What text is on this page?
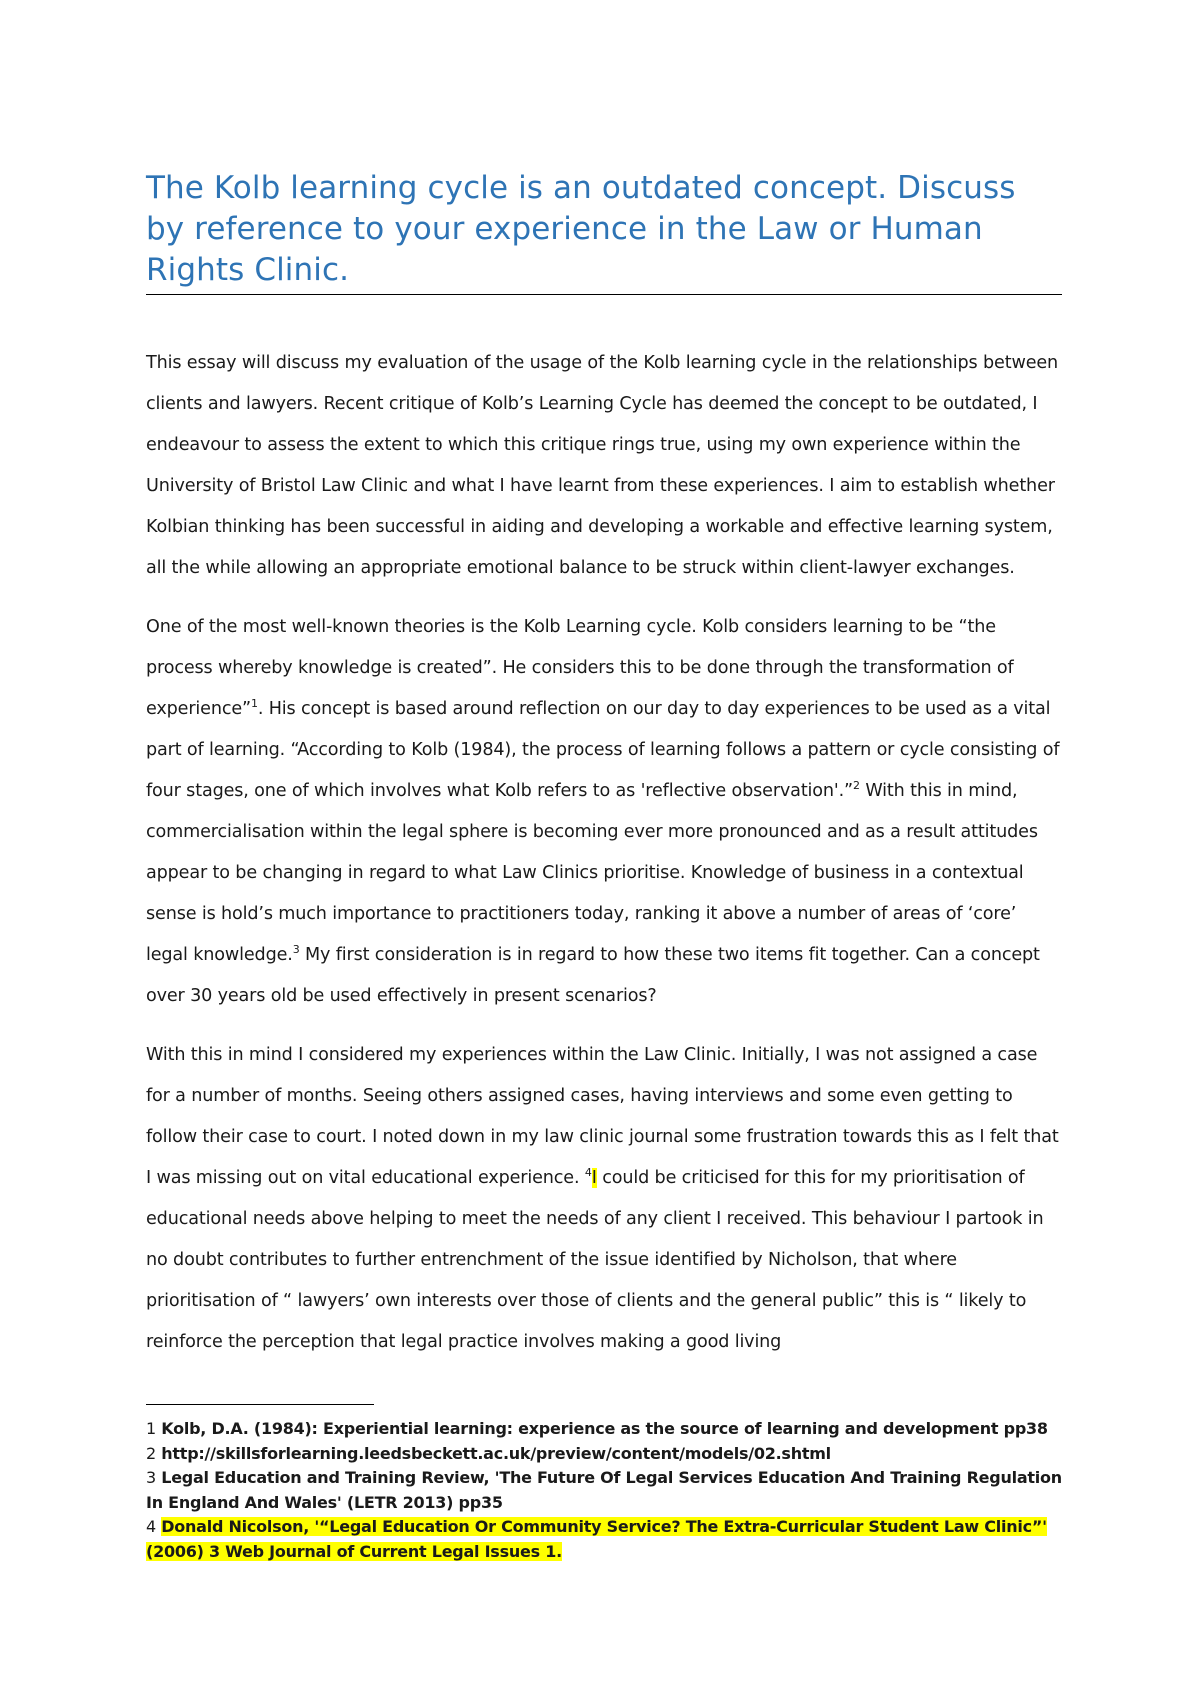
The Kolb learning cycle is an outdated concept. Discuss by reference to your experience in the Law or Human Rights Clinic.

This essay will discuss my evaluation of the usage of the Kolb learning cycle in the relationships between clients and lawyers. Recent critique of Kolb’s Learning Cycle has deemed the concept to be outdated, I endeavour to assess the extent to which this critique rings true, using my own experience within the University of Bristol Law Clinic and what I have learnt from these experiences. I aim to establish whether Kolbian thinking has been successful in aiding and developing a workable and effective learning system, all the while allowing an appropriate emotional balance to be struck within client-lawyer exchanges.

One of the most well-known theories is the Kolb Learning cycle. Kolb considers learning to be “the process whereby knowledge is created”. He considers this to be done through the transformation of experience”$^1$. His concept is based around reflection on our day to day experiences to be used as a vital part of learning. “According to Kolb (1984), the process of learning follows a pattern or cycle consisting of four stages, one of which involves what Kolb refers to as 'reflective observation'.”$^2$ With this in mind, commercialisation within the legal sphere is becoming ever more pronounced and as a result attitudes appear to be changing in regard to what Law Clinics prioritise. Knowledge of business in a contextual sense is hold’s much importance to practitioners today, ranking it above a number of areas of ‘core’ legal knowledge.$^3$ My first consideration is in regard to how these two items fit together. Can a concept over 30 years old be used effectively in present scenarios?

With this in mind I considered my experiences within the Law Clinic. Initially, I was not assigned a case for a number of months. Seeing others assigned cases, having interviews and some even getting to follow their case to court. I noted down in my law clinic journal some frustration towards this as I felt that I was missing out on vital educational experience. $^4$I could be criticised for this for my prioritisation of educational needs above helping to meet the needs of any client I received. This behaviour I partook in no doubt contributes to further entrenchment of the issue identified by Nicholson, that where prioritisation of “ lawyers’ own interests over those of clients and the general public” this is “ likely to reinforce the perception that legal practice involves making a good living

1 Kolb, D.A. (1984): Experiential learning: experience as the source of learning and development pp38
2 http://skillsforlearning.leedsbeckett.ac.uk/preview/content/models/02.shtml
3 Legal Education and Training Review, 'The Future Of Legal Services Education And Training Regulation In England And Wales' (LETR 2013) pp35
4 Donald Nicolson, '“Legal Education Or Community Service? The Extra-Curricular Student Law Clinic”' (2006) 3 Web Journal of Current Legal Issues 1.
